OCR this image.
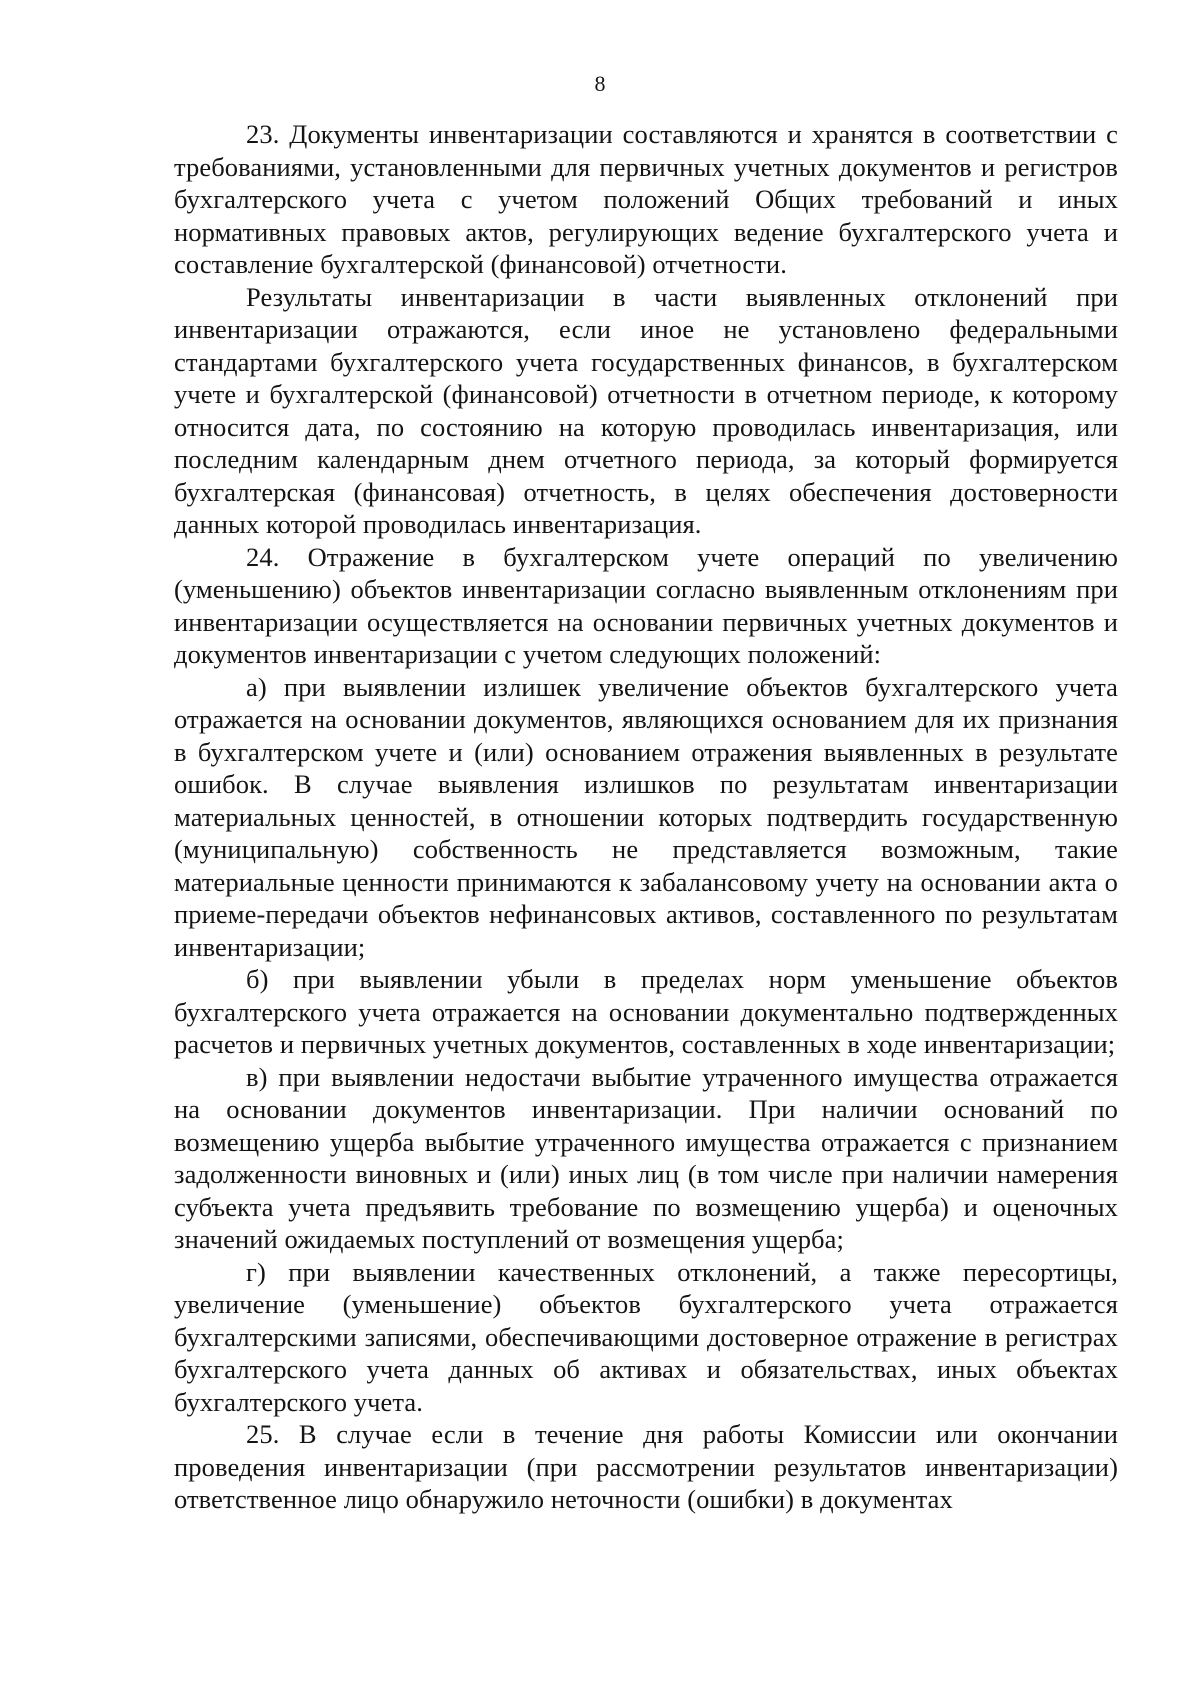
8

23. Документы инвентаризации составляются и хранятся в соответствии с требованиями, установленными для первичных учетных документов и регистров бухгалтерского учета с учетом положений Общих требований и иных нормативных правовых актов, регулирующих ведение бухгалтерского учета и составление бухгалтерской (финансовой) отчетности.

Результаты инвентаризации в части выявленных отклонений при инвентаризации отражаются, если иное не установлено федеральными стандартами бухгалтерского учета государственных финансов, в бухгалтерском учете и бухгалтерской (финансовой) отчетности в отчетном периоде, к которому относится дата, по состоянию на которую проводилась инвентаризация, или последним календарным днем отчетного периода, за который формируется бухгалтерская (финансовая) отчетность, в целях обеспечения достоверности данных которой проводилась инвентаризация.

24. Отражение в бухгалтерском учете операций по увеличению (уменьшению) объектов инвентаризации согласно выявленным отклонениям при инвентаризации осуществляется на основании первичных учетных документов и документов инвентаризации с учетом следующих положений:

а) при выявлении излишек увеличение объектов бухгалтерского учета отражается на основании документов, являющихся основанием для их признания в бухгалтерском учете и (или) основанием отражения выявленных в результате ошибок. В случае выявления излишков по результатам инвентаризации материальных ценностей, в отношении которых подтвердить государственную (муниципальную) собственность не представляется возможным, такие материальные ценности принимаются к забалансовому учету на основании акта о приеме-передачи объектов нефинансовых активов, составленного по результатам инвентаризации;

б) при выявлении убыли в пределах норм уменьшение объектов бухгалтерского учета отражается на основании документально подтвержденных расчетов и первичных учетных документов, составленных в ходе инвентаризации;

в) при выявлении недостачи выбытие утраченного имущества отражается на основании документов инвентаризации. При наличии оснований по возмещению ущерба выбытие утраченного имущества отражается с признанием задолженности виновных и (или) иных лиц (в том числе при наличии намерения субъекта учета предъявить требование по возмещению ущерба) и оценочных значений ожидаемых поступлений от возмещения ущерба;

г) при выявлении качественных отклонений, а также пересортицы, увеличение (уменьшение) объектов бухгалтерского учета отражается бухгалтерскими записями, обеспечивающими достоверное отражение в регистрах бухгалтерского учета данных об активах и обязательствах, иных объектах бухгалтерского учета.

25. В случае если в течение дня работы Комиссии или окончании проведения инвентаризации (при рассмотрении результатов инвентаризации) ответственное лицо обнаружило неточности (ошибки) в документах
